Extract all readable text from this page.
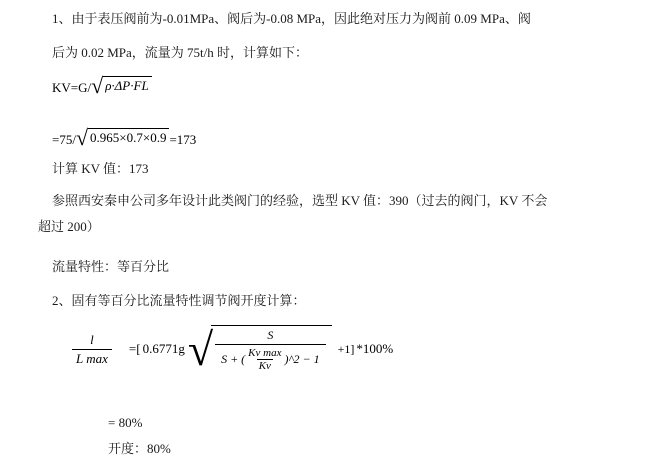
1、由于表压阀前为-0.01MPa、阀后为-0.08 MPa，因此绝对压力为阀前 0.09 MPa、阀
后为 0.02 MPa，流量为 75t/h 时，计算如下：
KV=G/ √ ρ·ΔP·FL
=75/ √ 0.965×0.7×0.9 =173
计算 KV 值：173
参照西安秦申公司多年设计此类阀门的经验，选型 KV 值：390（过去的阀门，KV 不会
超过 200）
流量特性：等百分比
2、固有等百分比流量特性调节阀开度计算：
$\frac{l}{\text{L max}}$ =[ 0.6771g √	S
S + ( Kv max
Kv )^2 − 1
+1] *100%
= 80%
开度：80%
